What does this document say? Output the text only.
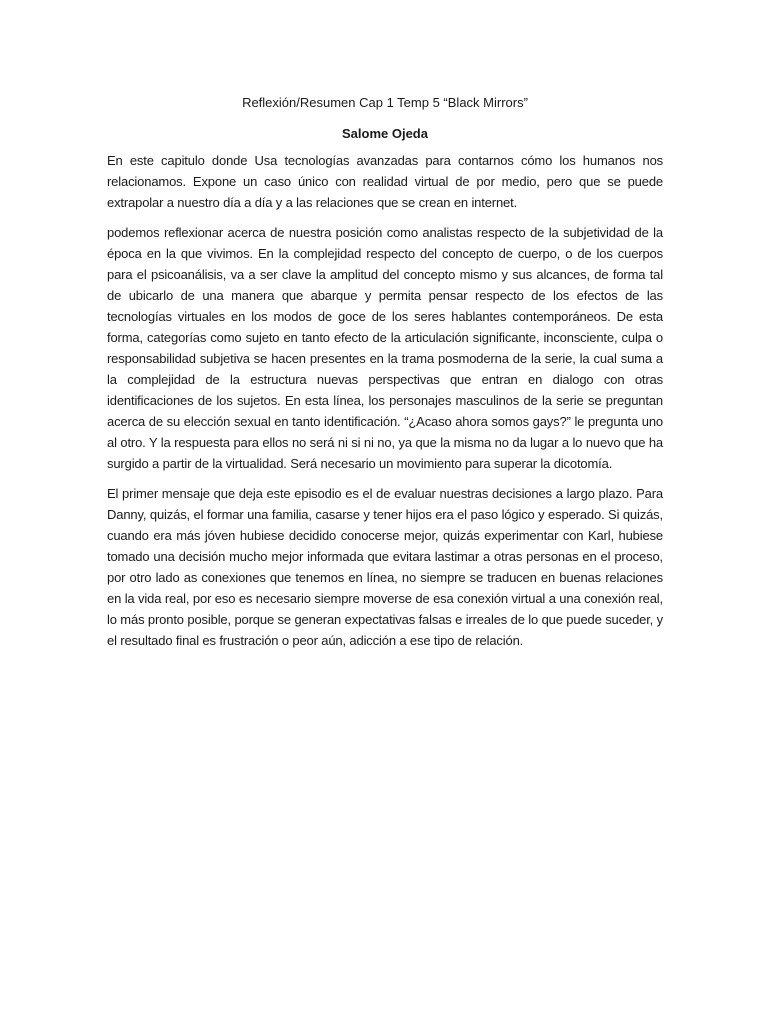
Reflexión/Resumen Cap 1 Temp 5 “Black Mirrors”
Salome Ojeda

En este capitulo donde Usa tecnologías avanzadas para contarnos cómo los humanos nos relacionamos. Expone un caso único con realidad virtual de por medio, pero que se puede extrapolar a nuestro día a día y a las relaciones que se crean en internet.

podemos reflexionar acerca de nuestra posición como analistas respecto de la subjetividad de la época en la que vivimos. En la complejidad respecto del concepto de cuerpo, o de los cuerpos para el psicoanálisis, va a ser clave la amplitud del concepto mismo y sus alcances, de forma tal de ubicarlo de una manera que abarque y permita pensar respecto de los efectos de las tecnologías virtuales en los modos de goce de los seres hablantes contemporáneos. De esta forma, categorías como sujeto en tanto efecto de la articulación significante, inconsciente, culpa o responsabilidad subjetiva se hacen presentes en la trama posmoderna de la serie, la cual suma a la complejidad de la estructura nuevas perspectivas que entran en dialogo con otras identificaciones de los sujetos. En esta línea, los personajes masculinos de la serie se preguntan acerca de su elección sexual en tanto identificación. “¿Acaso ahora somos gays?” le pregunta uno al otro. Y la respuesta para ellos no será ni si ni no, ya que la misma no da lugar a lo nuevo que ha surgido a partir de la virtualidad. Será necesario un movimiento para superar la dicotomía.

El primer mensaje que deja este episodio es el de evaluar nuestras decisiones a largo plazo. Para Danny, quizás, el formar una familia, casarse y tener hijos era el paso lógico y esperado. Si quizás, cuando era más jóven hubiese decidido conocerse mejor, quizás experimentar con Karl, hubiese tomado una decisión mucho mejor informada que evitara lastimar a otras personas en el proceso, por otro lado as conexiones que tenemos en línea, no siempre se traducen en buenas relaciones en la vida real, por eso es necesario siempre moverse de esa conexión virtual a una conexión real, lo más pronto posible, porque se generan expectativas falsas e irreales de lo que puede suceder, y el resultado final es frustración o peor aún, adicción a ese tipo de relación.
